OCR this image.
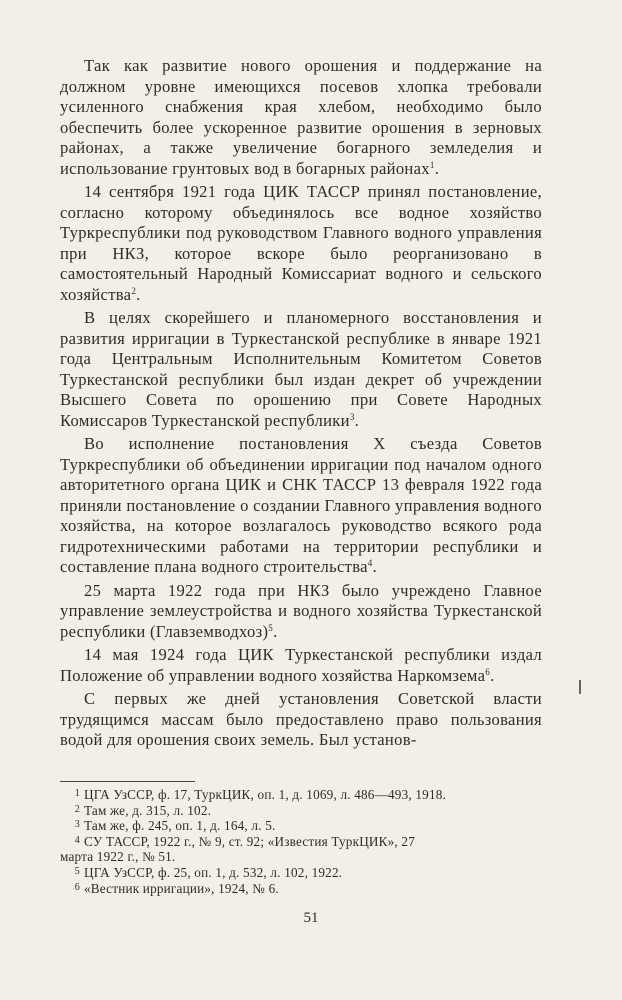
Так как развитие нового орошения и поддержание на должном уровне имеющихся посевов хлопка требовали усиленного снабжения края хлебом, необходимо было обеспечить более ускоренное развитие орошения в зерновых районах, а также увеличение богарного земледелия и использование грунтовых вод в богарных районах$^1$.

14 сентября 1921 года ЦИК ТАССР принял постановление, согласно которому объединялось все водное хозяйство Туркреспублики под руководством Главного водного управления при НКЗ, которое вскоре было реорганизовано в самостоятельный Народный Комиссариат водного и сельского хозяйства$^2$.

В целях скорейшего и планомерного восстановления и развития ирригации в Туркестанской республике в январе 1921 года Центральным Исполнительным Комитетом Советов Туркестанской республики был издан декрет об учреждении Высшего Совета по орошению при Совете Народных Комиссаров Туркестанской республики$^3$.

Во исполнение постановления X съезда Советов Туркреспублики об объединении ирригации под началом одного авторитетного органа ЦИК и СНК ТАССР 13 февраля 1922 года приняли постановление о создании Главного управления водного хозяйства, на которое возлагалось руководство всякого рода гидротехническими работами на территории республики и составление плана водного строительства$^4$.

25 марта 1922 года при НКЗ было учреждено Главное управление землеустройства и водного хозяйства Туркестанской республики (Главземводхоз)$^5$.

14 мая 1924 года ЦИК Туркестанской республики издал Положение об управлении водного хозяйства Наркомзема$^6$.

С первых же дней установления Советской власти трудящимся массам было предоставлено право пользования водой для орошения своих земель. Был установ-

1 ЦГА УзССР, ф. 17, ТуркЦИК, оп. 1, д. 1069, л. 486—493, 1918.
2 Там же, д. 315, л. 102.
3 Там же, ф. 245, оп. 1, д. 164, л. 5.
4 СУ ТАССР, 1922 г., № 9, ст. 92; «Известия ТуркЦИК», 27
марта 1922 г., № 51.
5 ЦГА УзССР, ф. 25, оп. 1, д. 532, л. 102, 1922.
6 «Вестник ирригации», 1924, № 6.
51
